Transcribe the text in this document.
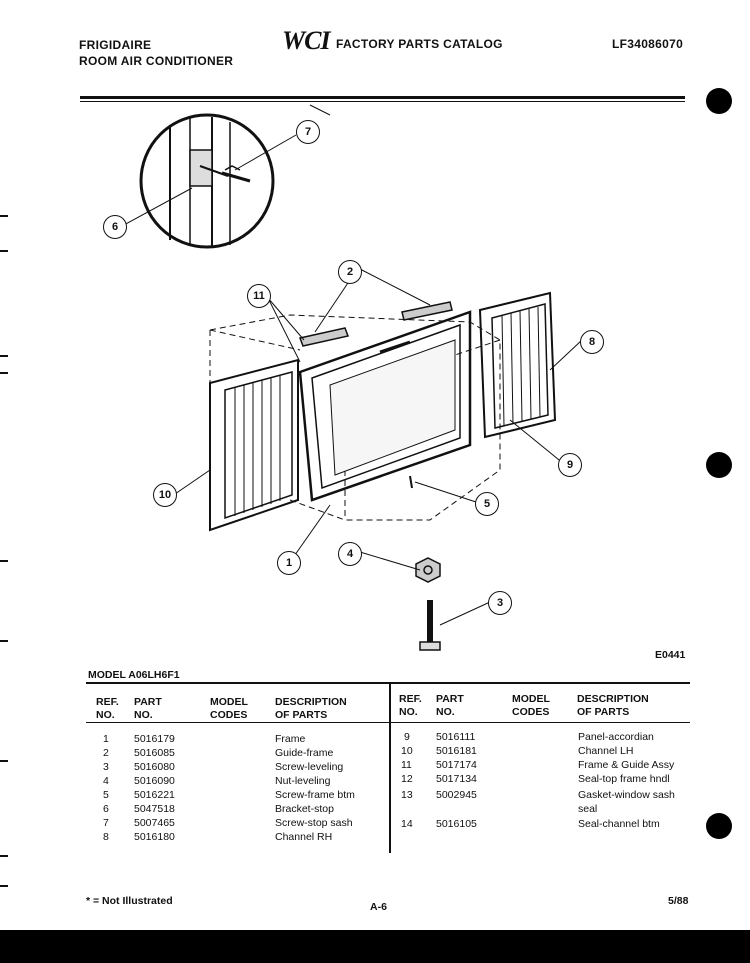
FRIGIDAIRE
ROOM AIR CONDITIONER
WCI FACTORY PARTS CATALOG	LF34086070
7
6
2
11
8
9
10
5
1
4
3
E0441
MODEL A06LH6F1
REF.
NO.
PART
NO.
MODEL
CODES
DESCRIPTION
OF PARTS
REF.
NO.
PART
NO.
MODEL
CODES
DESCRIPTION
OF PARTS
1 5016179	Frame
2 5016085	Guide-frame
3 5016080	Screw-leveling
4 5016090	Nut-leveling
5 5016221	Screw-frame btm
6 5047518	Bracket-stop
7 5007465	Screw-stop sash
8 5016180	Channel RH
9 5016111	Panel-accordian
10 5016181	Channel LH
11 5017174	Frame & Guide Assy
12 5017134	Seal-top frame hndl
13 5002945	Gasket-window sash
seal
14 5016105	Seal-channel btm
* = Not Illustrated	A-6	5/88
